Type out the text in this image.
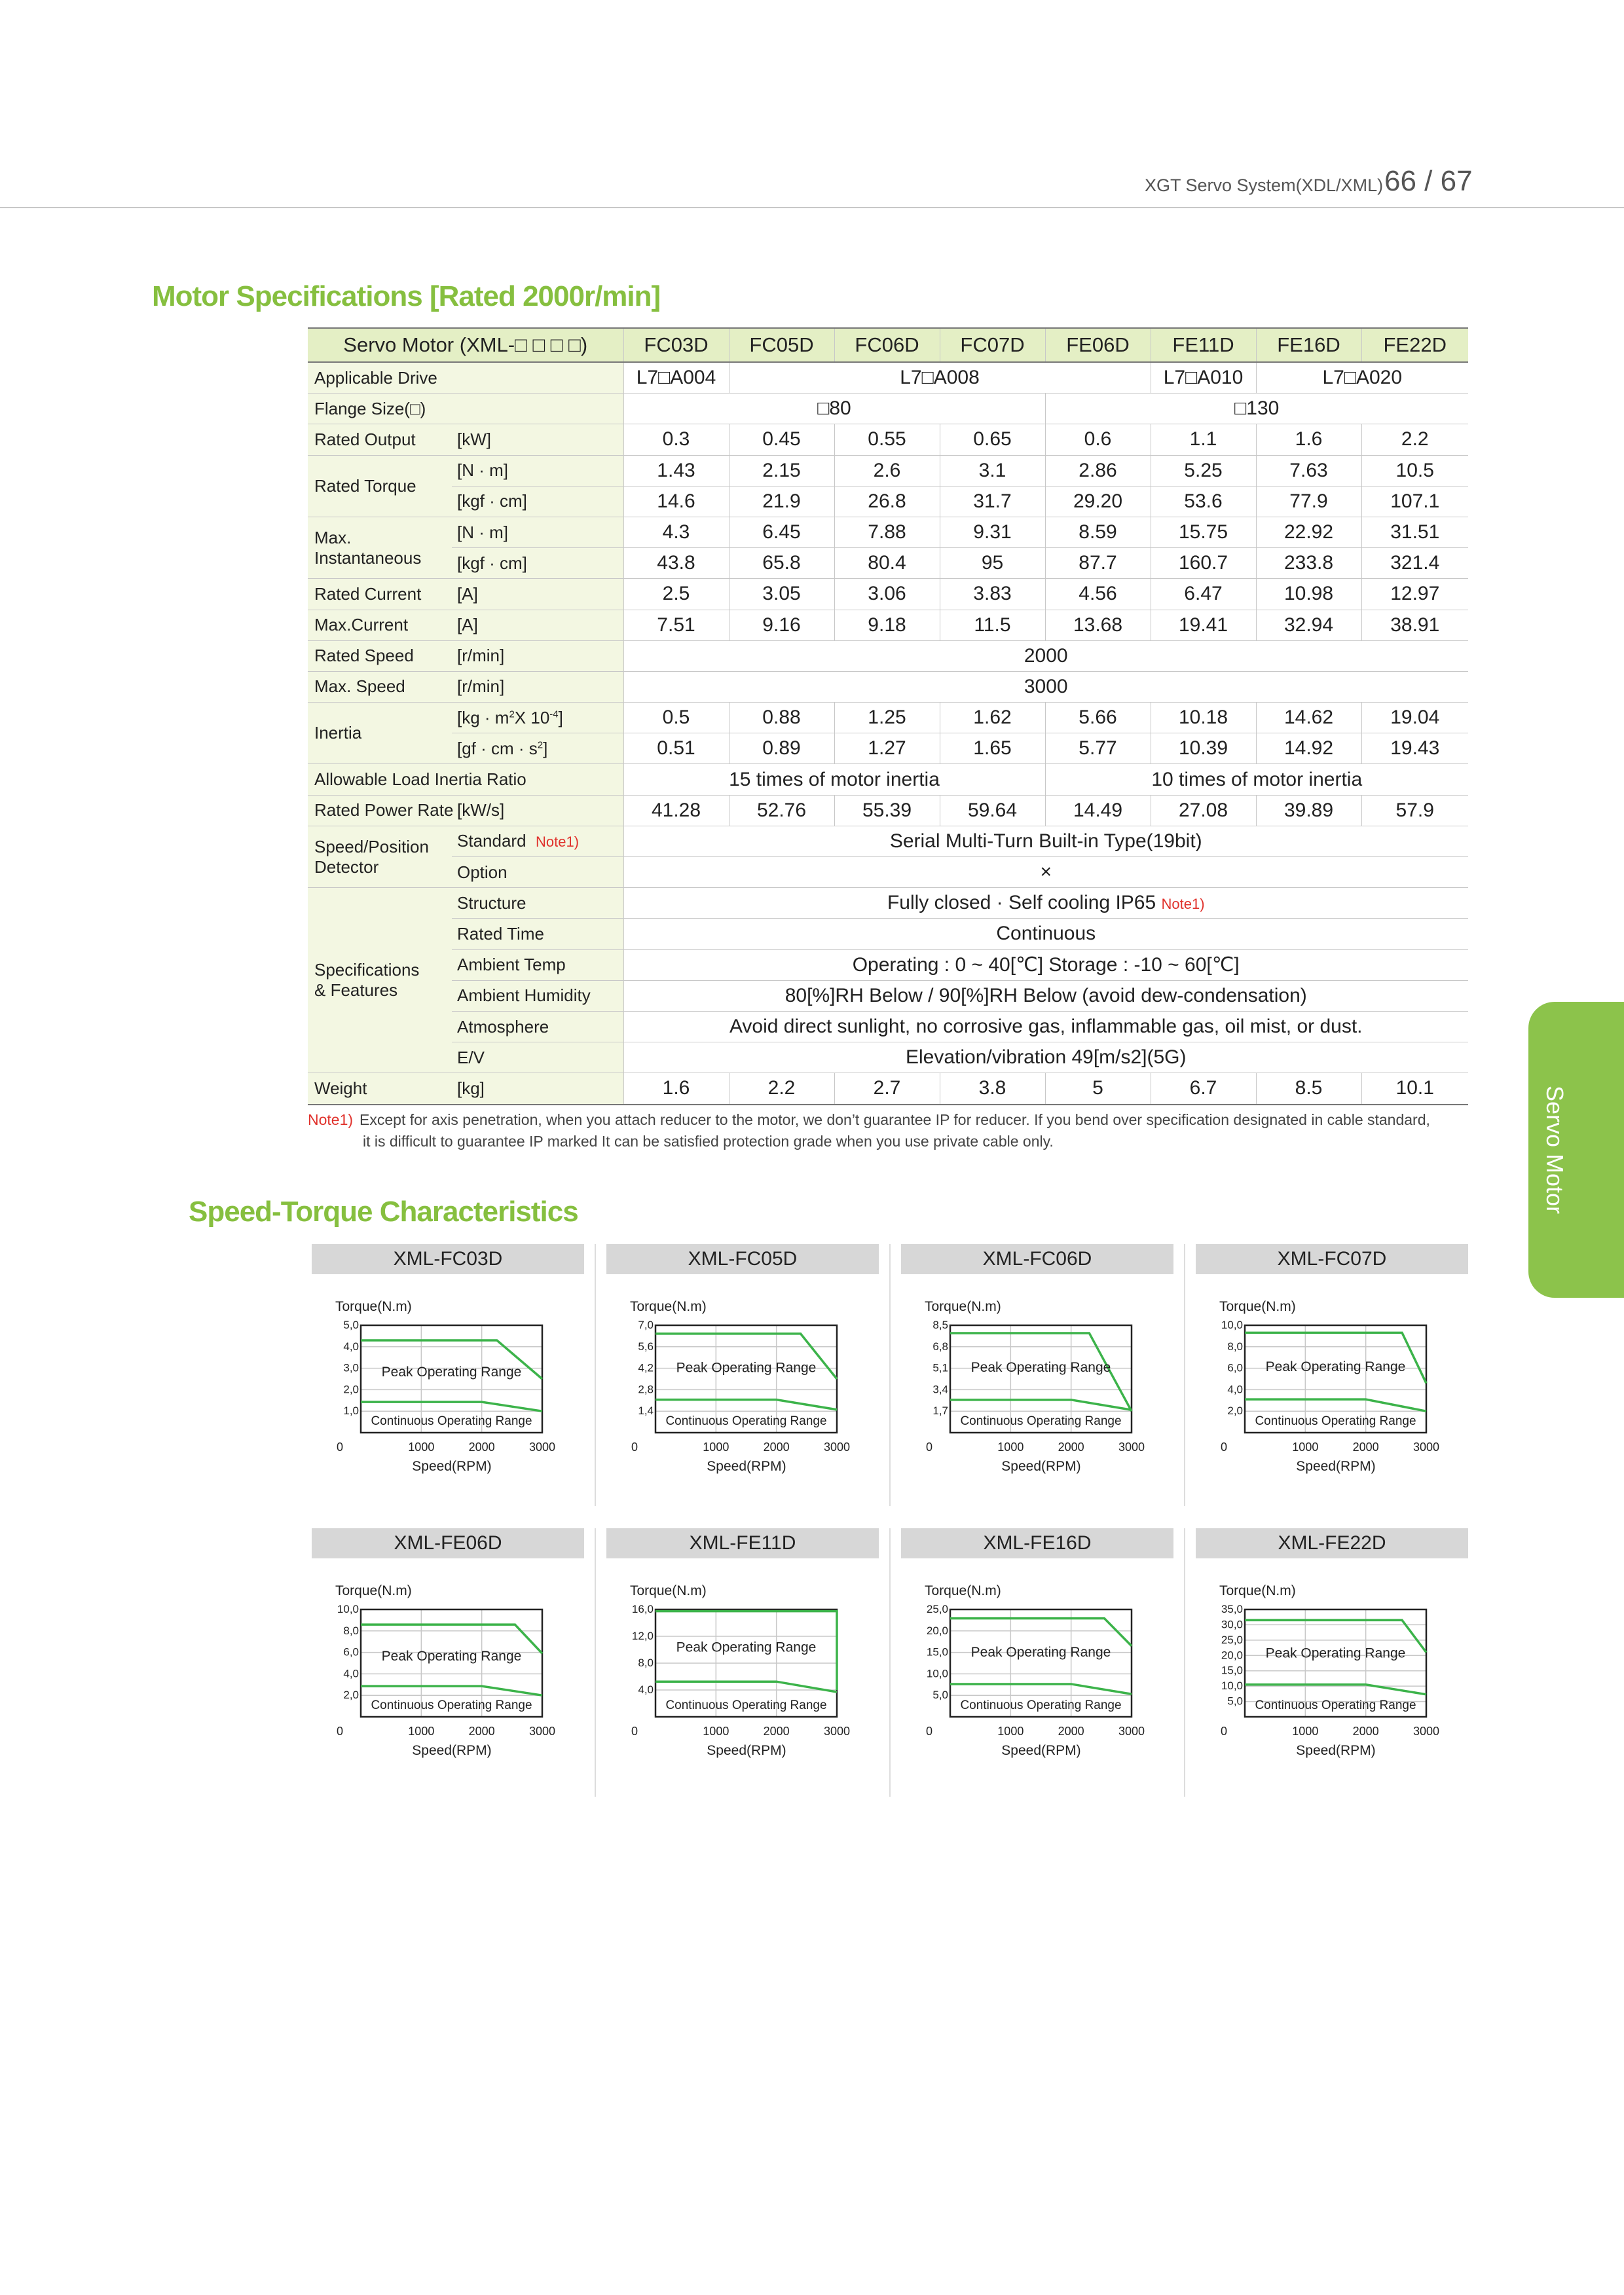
XGT Servo System(XDL/XML) 66 / 67
Servo Motor
Motor Specifications [Rated 2000r/min]
Servo Motor (XML-□ □ □ □)		FC03D	FC05D	FC06D	FC07D	FE06D	FE11D	FE16D	FE22D
Applicable Drive		L7□A004	L7□A008				L7□A010	L7□A020	
Flange Size(□)		□80				□130			
Rated Output	[kW]	0.3	0.45	0.55	0.65	0.6	1.1	1.6	2.2
Rated Torque	[N · m]	1.43	2.15	2.6	3.1	2.86	5.25	7.63	10.5
	[kgf · cm]	14.6	21.9	26.8	31.7	29.20	53.6	77.9	107.1
Max.
Instantaneous	[N · m]	4.3	6.45	7.88	9.31	8.59	15.75	22.92	31.51
	[kgf · cm]	43.8	65.8	80.4	95	87.7	160.7	233.8	321.4
Rated Current	[A]	2.5	3.05	3.06	3.83	4.56	6.47	10.98	12.97
Max.Current	[A]	7.51	9.16	9.18	11.5	13.68	19.41	32.94	38.91
Rated Speed	[r/min]	2000							
Max. Speed	[r/min]	3000							
Inertia	[$kg \cdot m^2X$ $10^{-4}$]	0.5	0.88	1.25	1.62	5.66	10.18	14.62	19.04
	[gf · cm · $s^2$]	0.51	0.89	1.27	1.65	5.77	10.39	14.92	19.43
Allowable Load Inertia Ratio		15 times of motor inertia				10 times of motor inertia			
Rated Power Rate	[kW/s]	41.28	52.76	55.39	59.64	14.49	27.08	39.89	57.9
Speed/Position
Detector	Standard Note1)	Serial Multi-Turn Built-in Type(19bit)							
	Option	×							
Specifications
& Features	Structure	Fully closed · Self cooling IP65 Note1)							
	Rated Time	Continuous							
	Ambient Temp	Operating : 0 ~ 40[℃] Storage : -10 ~ 60[℃]							
	Ambient Humidity	80[%]RH Below / 90[%]RH Below (avoid dew-condensation)							
	Atmosphere	Avoid direct sunlight, no corrosive gas, inflammable gas, oil mist, or dust.							
	E/V	Elevation/vibration 49[m/s2](5G)							
Weight	[kg]	1.6	2.2	2.7	3.8	5	6.7	8.5	10.1
Note1) Except for axis penetration, when you attach reducer to the motor, we don’t guarantee IP for reducer. If you bend over specification designated in cable standard,
it is difficult to guarantee IP marked It can be satisfied protection grade when you use private cable only.
Speed-Torque Characteristics
XML-FC03D
5,0
4,0
3,0
2,0
1,0
0	1000	2000	3000
Torque(N.m)
Speed(RPM)
Peak Operating Range
Continuous Operating Range
XML-FC05D
7,0
5,6
4,2
2,8
1,4
0	1000	2000	3000
Torque(N.m)
Speed(RPM)
Peak Operating Range
Continuous Operating Range
XML-FC06D
8,5
6,8
5,1
3,4
1,7
0	1000	2000	3000
Torque(N.m)
Speed(RPM)
Peak Operating Range
Continuous Operating Range
XML-FC07D
10,0
8,0
6,0
4,0
2,0
0	1000	2000	3000
Torque(N.m)
Speed(RPM)
Peak Operating Range
Continuous Operating Range
XML-FE06D
10,0
8,0
6,0
4,0
2,0
0	1000	2000	3000
Torque(N.m)
Speed(RPM)
Peak Operating Range
Continuous Operating Range
XML-FE11D
16,0
12,0
8,0
4,0
0	1000	2000	3000
Torque(N.m)
Speed(RPM)
Peak Operating Range
Continuous Operating Range
XML-FE16D
25,0
20,0
15,0
10,0
5,0
0	1000	2000	3000
Torque(N.m)
Speed(RPM)
Peak Operating Range
Continuous Operating Range
XML-FE22D
35,0
30,0
25,0
20,0
15,0
10,0
5,0
0	1000	2000	3000
Torque(N.m)
Speed(RPM)
Peak Operating Range
Continuous Operating Range
